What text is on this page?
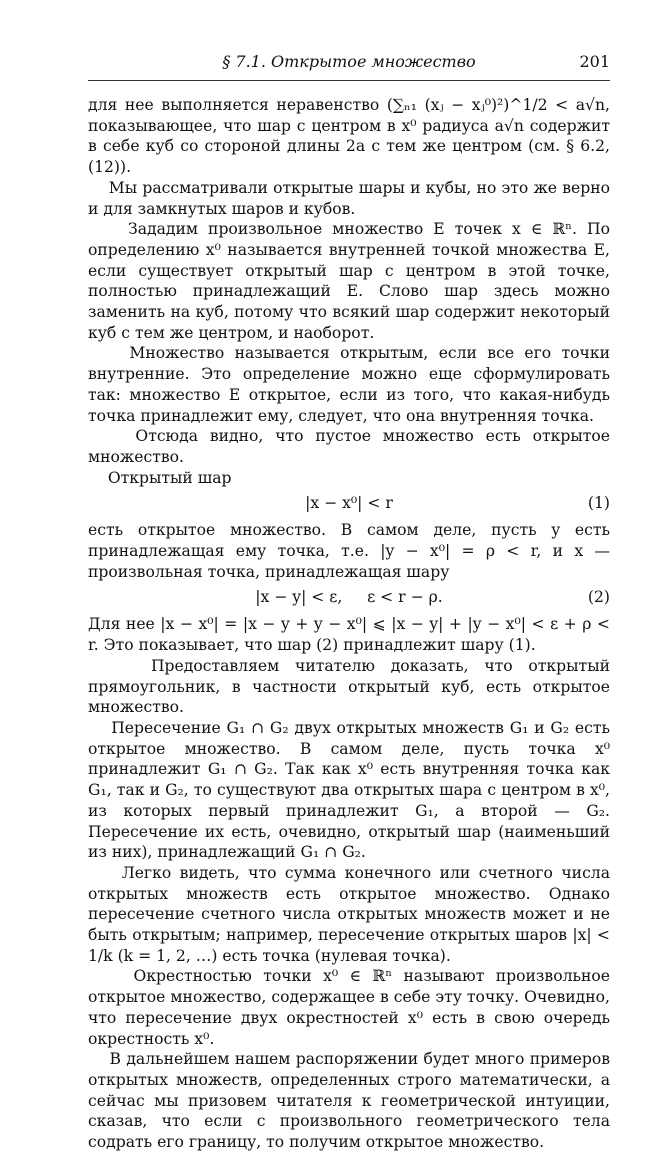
§ 7.1. Открытое множество	201

для нее выполняется неравенство (∑ₙ₁ (xⱼ − xⱼ⁰)²)^1/2 < a√n, показывающее, что шар с центром в x⁰ радиуса a√n содержит в себе куб со стороной длины 2a с тем же центром (см. § 6.2, (12)).

Мы рассматривали открытые шары и кубы, но это же верно и для замкнутых шаров и кубов.

Зададим произвольное множество E точек x ∈ ℝⁿ. По определению x⁰ называется внутренней точкой множества E, если существует открытый шар с центром в этой точке, полностью принадлежащий E. Слово шар здесь можно заменить на куб, потому что всякий шар содержит некоторый куб с тем же центром, и наоборот.

Множество называется открытым, если все его точки внутренние. Это определение можно еще сформулировать так: множество E открытое, если из того, что какая-нибудь точка принадлежит ему, следует, что она внутренняя точка.

Отсюда видно, что пустое множество есть открытое множество.

Открытый шар

|x − x⁰| < r	(1)

есть открытое множество. В самом деле, пусть y есть принадлежащая ему точка, т.е. |y − x⁰| = ρ < r, и x — произвольная точка, принадлежащая шару

|x − y| < ε,     ε < r − ρ.	(2)

Для нее |x − x⁰| = |x − y + y − x⁰| ⩽ |x − y| + |y − x⁰| < ε + ρ < r. Это показывает, что шар (2) принадлежит шару (1).

Предоставляем читателю доказать, что открытый прямоугольник, в частности открытый куб, есть открытое множество.

Пересечение G₁ ∩ G₂ двух открытых множеств G₁ и G₂ есть открытое множество. В самом деле, пусть точка x⁰ принадлежит G₁ ∩ G₂. Так как x⁰ есть внутренняя точка как G₁, так и G₂, то существуют два открытых шара с центром в x⁰, из которых первый принадлежит G₁, а второй — G₂. Пересечение их есть, очевидно, открытый шар (наименьший из них), принадлежащий G₁ ∩ G₂.

Легко видеть, что сумма конечного или счетного числа открытых множеств есть открытое множество. Однако пересечение счетного числа открытых множеств может и не быть открытым; например, пересечение открытых шаров |x| < 1/k (k = 1, 2, …) есть точка (нулевая точка).

Окрестностью точки x⁰ ∈ ℝⁿ называют произвольное открытое множество, содержащее в себе эту точку. Очевидно, что пересечение двух окрестностей x⁰ есть в свою очередь окрестность x⁰.

В дальнейшем нашем распоряжении будет много примеров открытых множеств, определенных строго математически, а сейчас мы призовем читателя к геометрической интуиции, сказав, что если с произвольного геометрического тела содрать его границу, то получим открытое множество.
